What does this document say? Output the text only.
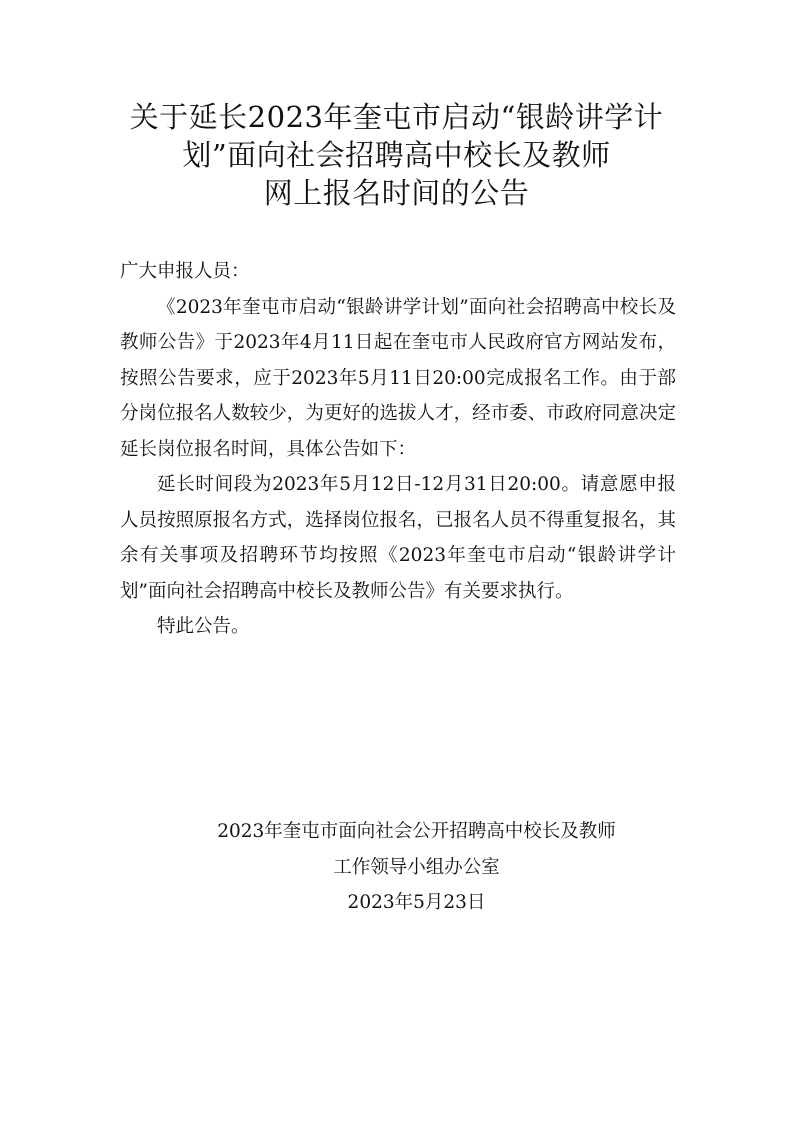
关于延长2023年奎屯市启动“银龄讲学计
划”面向社会招聘高中校长及教师
网上报名时间的公告

广大申报人员：

《2023年奎屯市启动“银龄讲学计划”面向社会招聘高中校长及教师公告》于2023年4月11日起在奎屯市人民政府官方网站发布，按照公告要求，应于2023年5月11日20:00完成报名工作。由于部分岗位报名人数较少，为更好的选拔人才，经市委、市政府同意决定延长岗位报名时间，具体公告如下：

延长时间段为2023年5月12日-12月31日20:00。请意愿申报人员按照原报名方式，选择岗位报名，已报名人员不得重复报名，其余有关事项及招聘环节均按照《2023年奎屯市启动“银龄讲学计划”面向社会招聘高中校长及教师公告》有关要求执行。

特此公告。

2023年奎屯市面向社会公开招聘高中校长及教师
工作领导小组办公室
2023年5月23日
